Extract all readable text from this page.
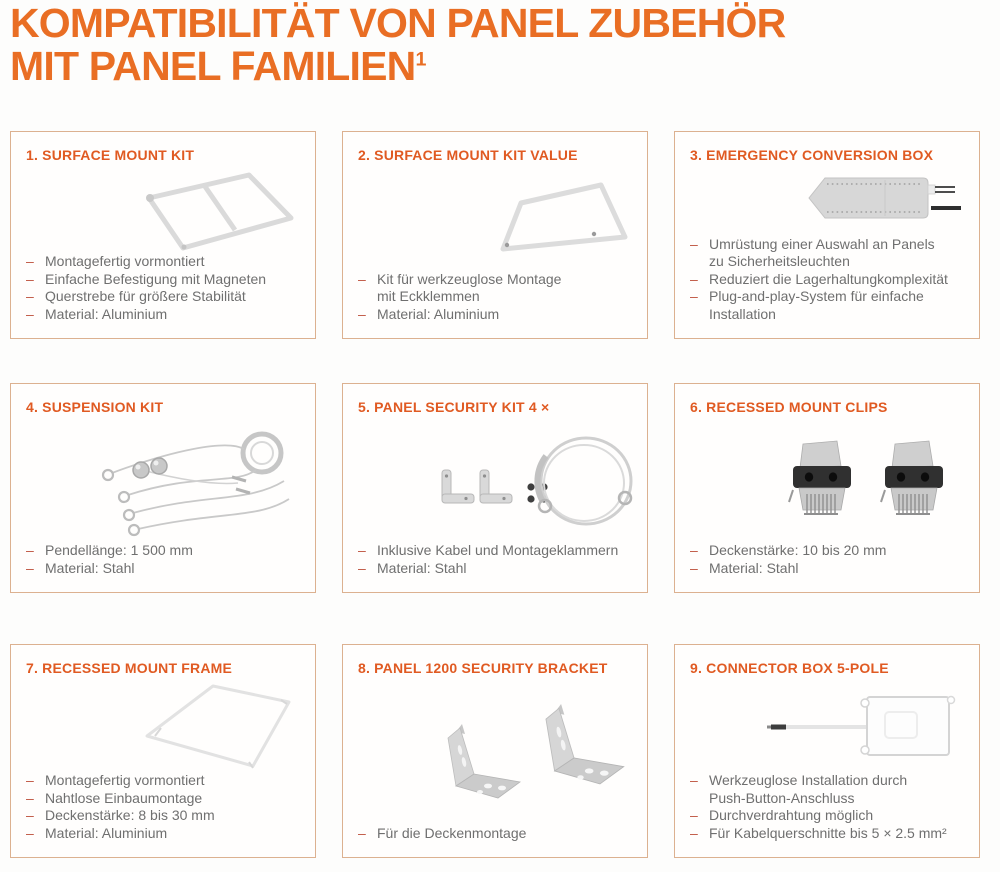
KOMPATIBILITÄT VON PANEL ZUBEHÖR
MIT PANEL FAMILIEN$^1$
1. SURFACE MOUNT KIT
– Montagefertig vormontiert
– Einfache Befestigung mit Magneten
– Querstrebe für größere Stabilität
– Material: Aluminium
2. SURFACE MOUNT KIT VALUE
– Kit für werkzeuglose Montage
mit Eckklemmen
– Material: Aluminium
3. EMERGENCY CONVERSION BOX
– Umrüstung einer Auswahl an Panels
zu Sicherheitsleuchten
– Reduziert die Lagerhaltungkomplexität
– Plug-and-play-System für einfache
Installation
4. SUSPENSION KIT
– Pendellänge: 1 500 mm
– Material: Stahl
5. PANEL SECURITY KIT 4 ×
– Inklusive Kabel und Montageklammern
– Material: Stahl
6. RECESSED MOUNT CLIPS
– Deckenstärke: 10 bis 20 mm
– Material: Stahl
7. RECESSED MOUNT FRAME
– Montagefertig vormontiert
– Nahtlose Einbaumontage
– Deckenstärke: 8 bis 30 mm
– Material: Aluminium
8. PANEL 1200 SECURITY BRACKET
– Für die Deckenmontage
9. CONNECTOR BOX 5-POLE
– Werkzeuglose Installation durch
Push-Button-Anschluss
– Durchverdrahtung möglich
– Für Kabelquerschnitte bis 5 × 2.5 mm²
